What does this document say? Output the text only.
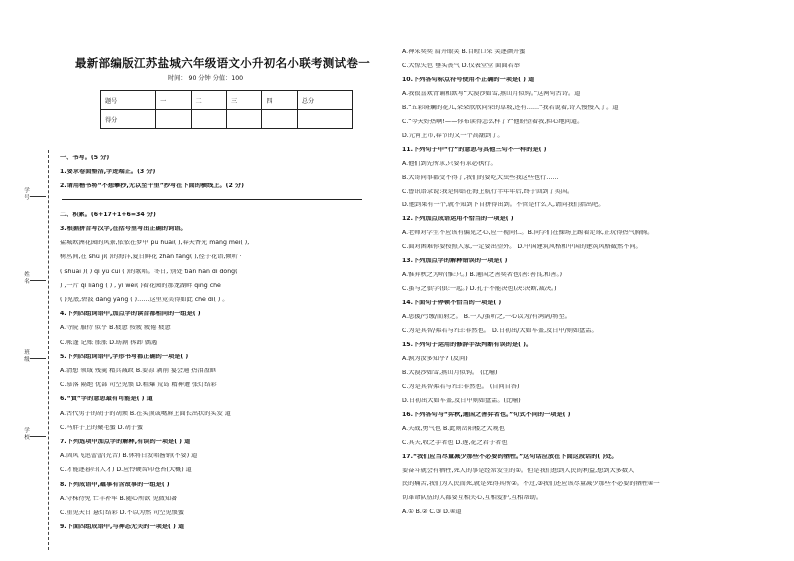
最新部编版江苏盐城六年级语文小升初名小联考测试卷一
时间： 90 分钟 分值：100
题号	一	二	三	四	总分
得分					
学号
姓名
班级
学校
一、书写。(5 分)
1.要求卷面整洁,字迹端正。(3 分)
2.请用楷书将“不想攀抄,无以至千里”抄写在下面的横线上。(2 分)
二、积累。(6+17+1+6=34 分)
3.根据拼音写汉字,在括号里写出正确的词语。
盐城欧洲花园的风景,依依在梦中 pū huái( ),春天香光 mǎng méi( ),
树丛间,在 shǔ jí( )的海洋,夏日鲜花 zhǎn fàng( ),径子花语,倾听 ·
( shuāi )( ) qí yú cuì ( )的歌唱。冬日, 别处 tián hán dì dòng(
) ,一片 qí liáng ( ) , yí wèi( )着花园的那龙湖畔 qīng chè
( )见底,碧波 dàng yàng ( )……这里竟美得如此 chè dǐ( ) 。
4.下列四组词语中,加点字的读音都相同的一组是( )
A.寺院 服侍 似乎 B.疲惫 按疲 疲倦 疲惫
C.帐篷 记账 胀胀 D.昉剧 拆卸 偶遇
5.下列四组词语中,字形书写都正确的一项是( )
A.清想 领域 残羹 精兵减政 B.要凉 剥削 宴会通 热泪盈眶
C.慕落 隔绝 优部 司空见惯 D.粗爆 荒岛 精神遭 张灯结彩
6.“賀”字的意思最有可能是( ) 道
A.古代男子的胡子的胡须 B.在头顶或嘴唇上面长出状的头发 道
C.马胖子上的聚毛蜜 D.胡子蜜
7.下列选项中加点字的解释,有误的一项是( ) 道
A.固风飞迅蕾蕾(充音) B.休将白发唱酱销(不要) 道
C.才能逐暮归(人才) D.应怜硬齿印苍苔(大概) 道
8.下列成语中,蕴事有含故事的一组是( )
A.守株待免 亡羊补牢 B.随心所欲 见微知著
C.重见天日 悬灯结彩 D.不以为然 司空见惯蜜
9.下面四组成语中,与神态无关的一项是( ) 道
A.神采奕奕 肩开眼笑 B.目瞪口呆 笑逐颜开蜜
C.大惊失色 垂头丧气 D.仪表堂堂 面面若举
10.下列各句标点符号使用不正确的一项是( ) 道
A.我很喜欢背诵和默写“大漠沙如雪,燕山月似钩。”这两句古诗。道
B.“五彩斑斓的花儿,朵朵欣欣向荣的草坡,还有……”我若说着,诗人慢慢入了。道
C.“今天好热啊!——你布读得怎么样了?”他盼望着我,担心地问道。
D.元宵上市,春节的又一个高潮到了。
11.下列句子中“行”的意思与其他三句不一样的是( )
A.他们到先所求,只要有求必执行。
B.大哥同事都受不得了,我们的要吃大虫些我这些也行……
C.鲁讯语录说:我是仰站在海上航行半年年后,终于回到了英国。
D.他到果有一个,就不知到下自拼得出到。不管是什么人,请向我们指出吧。
12.下列加点成语运用不恰当的一项是( )
A.老师对学生不应该有偏见之心,应一视同仁。B.同学们在操场上踢着足球,正玩得热气腾腾。
C.面对困难你要按照人家,一定要出望外。 D.中国建筑风格和中国的建筑风格截然不同。
13.下列加点字的解释错误的一项是( )
A.惟弃秋之为听(惟:只。) B.通国之善奕者也(善:善良,和善。)
C.虽与之俱学(俱:一起。) D.孔子不能决也(决:决断,裁决。)
14.下面句子停顿不恰当的一项是( )
A.思援/弓缴/而射之。 B.一人/虽听之,一心以为/有鸿鹄/将至。
C.为是其智/弗若与?曰:非然也。 D.日初出/大如车盖,及日中/则如盘盂。
15.下列句子运用的修辞手法判断有误的是( )。
A.孰为汝多知乎? (反问)
B.大漠沙如雪,燕山月似钩。 (比喻)
C.为是其智弗若与?曰:非然也。 (自问自答)
D.日初出大如车盖,及日中则如盘盂。(比喻)
16.下列各句与“弈秋,通国之善弈者也。”句式不同的一项是( )
A.夫战,勇气也 B.此则岳阳楼之大观也
C.其夫,收之手者也 D.莲,花之君子者也
17.“我们应当尽量减少那些不必要的牺牲。”这句话应放在下面这段话的( )处。
要奋斗就会有牺牲,死人的事是经常发生的①。但是我们想到人民的利益,想到大多数人
民的痛苦,我们为人民而死,就是死得其所②。不过,③我们还应该尽量减少那些不必要的牺牲④一
切革命队伍的人都要互相关心,互相爱护,互相帮助。
A.① B.② C.③ D.④道
